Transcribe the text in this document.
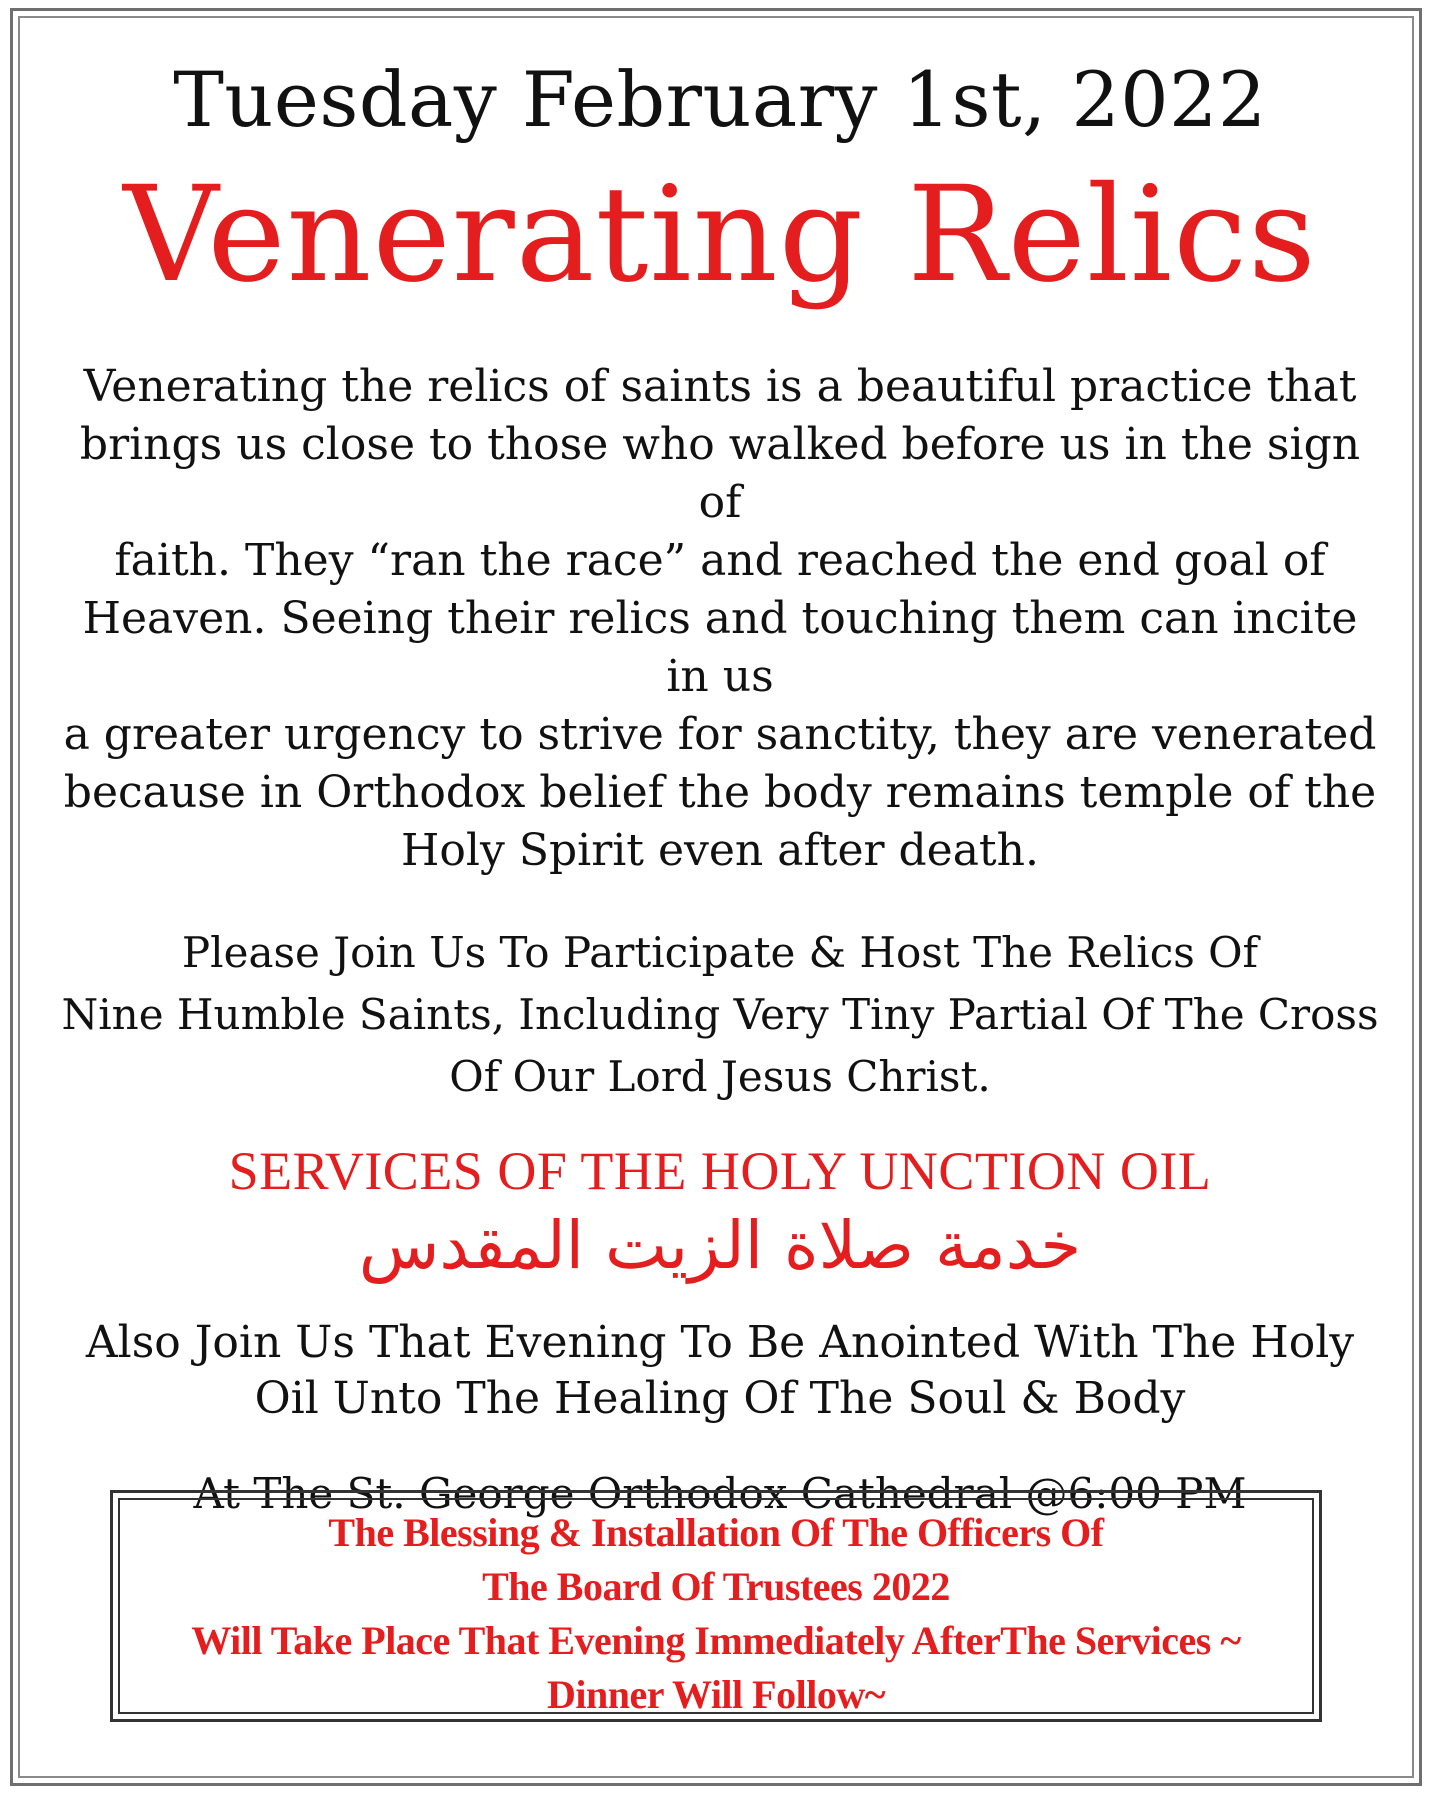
Tuesday February 1st, 2022
Venerating Relics
Venerating the relics of saints is a beautiful practice that
brings us close to those who walked before us in the sign of
faith. They “ran the race” and reached the end goal of
Heaven. Seeing their relics and touching them can incite in us
a greater urgency to strive for sanctity, they are venerated
because in Orthodox belief the body remains temple of the
Holy Spirit even after death.
Please Join Us To Participate & Host The Relics Of
Nine Humble Saints, Including Very Tiny Partial Of The Cross
Of Our Lord Jesus Christ.
SERVICES OF THE HOLY UNCTION OIL
خدمة صلاة الزيت المقدس
Also Join Us That Evening To Be Anointed With The Holy
Oil Unto The Healing Of The Soul & Body
At The St. George Orthodox Cathedral @6:00 PM
The Blessing & Installation Of The Officers Of
The Board Of Trustees 2022
Will Take Place That Evening Immediately AfterThe Services ~
Dinner Will Follow~
